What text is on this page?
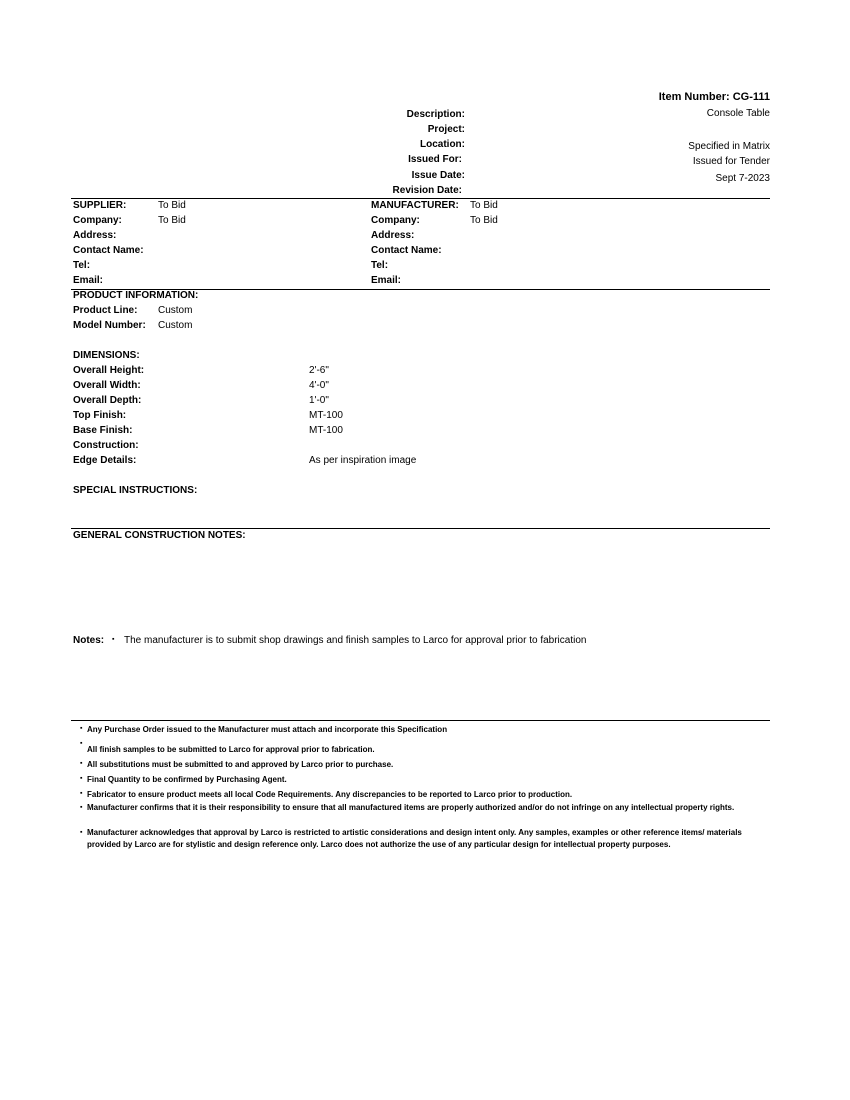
Item Number: CG-111
Description:	Console Table
Project:
Location:	Specified in Matrix
Issued For:	Issued for Tender
Issue Date:	Sept 7-2023
Revision Date:
SUPPLIER:	To Bid
Company:	To Bid
Address:
Contact Name:
Tel:
Email:
MANUFACTURER: To Bid
Company:	To Bid
Address:
Contact Name:
Tel:
Email:
PRODUCT INFORMATION:
Product Line: Custom
Model Number: Custom
DIMENSIONS:
Overall Height:	2'-6"
Overall Width:	4'-0"
Overall Depth:	1'-0"
Top Finish:	MT-100
Base Finish:	MT-100
Construction:
Edge Details:	As per inspiration image
SPECIAL INSTRUCTIONS:
GENERAL CONSTRUCTION NOTES:
Notes: ▪ The manufacturer is to submit shop drawings and finish samples to Larco for approval prior to fabrication
▪ Any Purchase Order issued to the Manufacturer must attach and incorporate this Specification
▪
All finish samples to be submitted to Larco for approval prior to fabrication.
▪ All substitutions must be submitted to and approved by Larco prior to purchase.
▪ Final Quantity to be confirmed by Purchasing Agent.
▪ Fabricator to ensure product meets all local Code Requirements. Any discrepancies to be reported to Larco prior to production.
▪ Manufacturer confirms that it is their responsibility to ensure that all manufactured items are properly authorized and/or do not infringe on any intellectual property rights.
▪ Manufacturer acknowledges that approval by Larco is restricted to artistic considerations and design intent only. Any samples, examples or other reference items/ materials provided by Larco are for stylistic and design reference only. Larco does not authorize the use of any particular design for intellectual property purposes.
